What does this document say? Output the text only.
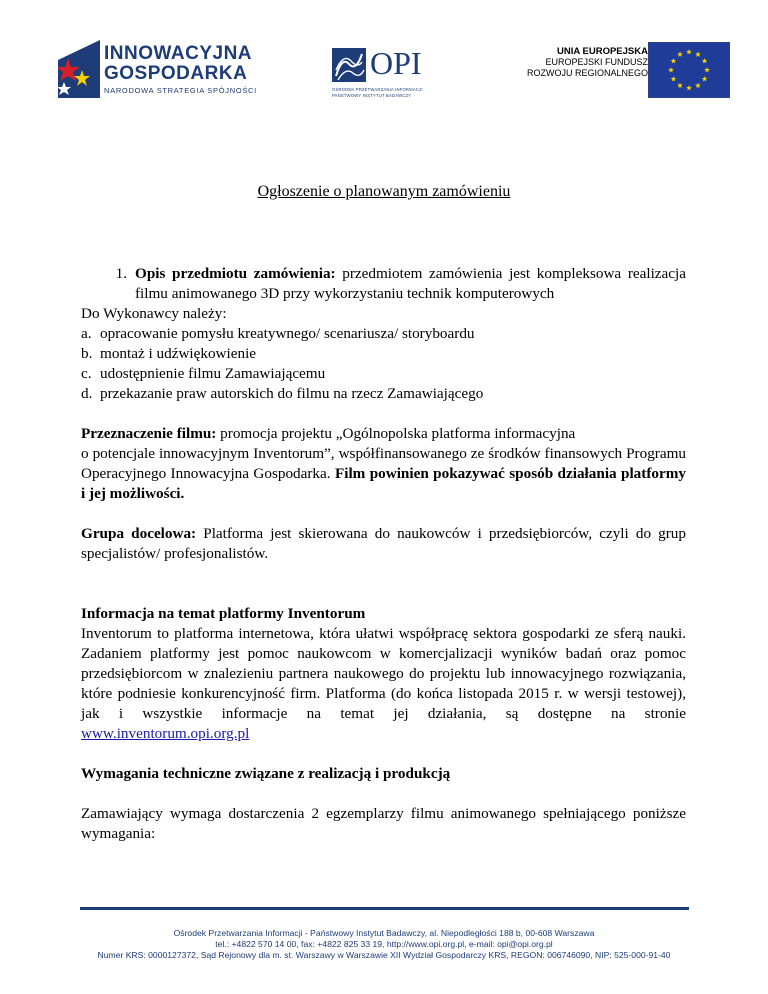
INNOWACYJNA
GOSPODARKA
NARODOWA STRATEGIA SPÓJNOŚCI
OPI
OŚRODEK PRZETWARZANIA INFORMACJI
PAŃSTWOWY INSTYTUT BADAWCZY
UNIA EUROPEJSKA
EUROPEJSKI FUNDUSZ
ROZWOJU REGIONALNEGO
Ogłoszenie o planowanym zamówieniu
1. Opis przedmiotu zamówienia: przedmiotem zamówienia jest kompleksowa realizacja filmu animowanego 3D przy wykorzystaniu technik komputerowych

Do Wykonawcy należy:

a. opracowanie pomysłu kreatywnego/ scenariusza/ storyboardu
b. montaż i udźwiękowienie
c. udostępnienie filmu Zamawiającemu
d. przekazanie praw autorskich do filmu na rzecz Zamawiającego

Przeznaczenie filmu: promocja projektu „Ogólnopolska platforma informacyjna

o potencjale innowacyjnym Inventorum”, współfinansowanego ze środków finansowych Programu Operacyjnego Innowacyjna Gospodarka. Film powinien pokazywać sposób działania platformy i jej możliwości.

Grupa docelowa: Platforma jest skierowana do naukowców i przedsiębiorców, czyli do grup specjalistów/ profesjonalistów.

Informacja na temat platformy Inventorum

Inventorum to platforma internetowa, która ułatwi współpracę sektora gospodarki ze sferą nauki. Zadaniem platformy jest pomoc naukowcom w komercjalizacji wyników badań oraz pomoc przedsiębiorcom w znalezieniu partnera naukowego do projektu lub innowacyjnego rozwiązania, które podniesie konkurencyjność firm. Platforma (do końca listopada 2015 r. w wersji testowej), jak i wszystkie informacje na temat jej działania, są dostępne na stronie

www.inventorum.opi.org.pl

Wymagania techniczne związane z realizacją i produkcją

Zamawiający wymaga dostarczenia 2 egzemplarzy filmu animowanego spełniającego poniższe wymagania:

Ośrodek Przetwarzania Informacji - Państwowy Instytut Badawczy, al. Niepodległości 188 b, 00-608 Warszawa
tel.: +4822 570 14 00, fax: +4822 825 33 19, http://www.opi.org.pl, e-mail: opi@opi.org.pl
Numer KRS: 0000127372, Sąd Rejonowy dla m. st. Warszawy w Warszawie XII Wydział Gospodarczy KRS, REGON: 006746090, NIP: 525-000-91-40
